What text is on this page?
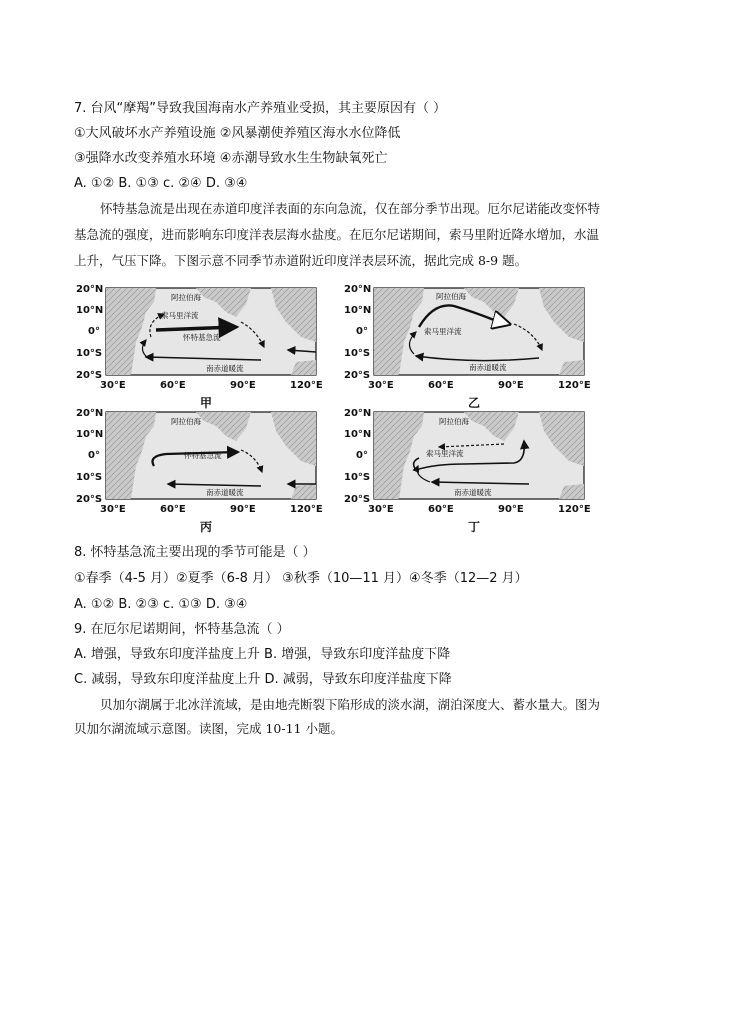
7. 台风“摩羯”导致我国海南水产养殖业受损，其主要原因有（ ）
①大风破坏水产养殖设施 ②风暴潮使养殖区海水水位降低
③强降水改变养殖水环境 ④赤潮导致水生生物缺氧死亡
A. ①② B. ①③ c. ②④ D. ③④
怀特基急流是出现在赤道印度洋表面的东向急流，仅在部分季节出现。厄尔尼诺能改变怀特
基急流的强度，进而影响东印度洋表层海水盐度。在厄尔尼诺期间，索马里附近降水增加，水温
上升，气压下降。下图示意不同季节赤道附近印度洋表层环流，据此完成 8-9 题。
20°N
10°N
0°
10°S
20°S
30°E	60°E	90°E	120°E
阿拉伯海
索马里洋流
怀特基急流
南赤道暖流
甲
20°N
10°N
0°
10°S
20°S
30°E	60°E	90°E	120°E
阿拉伯海
索马里洋流
南赤道暖流
乙
20°N
10°N
0°
10°S
20°S
30°E	60°E	90°E	120°E
阿拉伯海
怀特基急流
南赤道暖流
丙
20°N
10°N
0°
10°S
20°S
30°E	60°E	90°E	120°E
阿拉伯海
索马里洋流
南赤道暖流
丁
8. 怀特基急流主要出现的季节可能是（ ）
①春季（4-5 月）②夏季（6-8 月） ③秋季（10—11 月）④冬季（12—2 月）
A. ①② B. ②③ c. ①③ D. ③④
9. 在厄尔尼诺期间，怀特基急流（ ）
A. 增强，导致东印度洋盐度上升 B. 增强，导致东印度洋盐度下降
C. 减弱，导致东印度洋盐度上升 D. 减弱，导致东印度洋盐度下降
贝加尔湖属于北冰洋流域，是由地壳断裂下陷形成的淡水湖，湖泊深度大、蓄水量大。图为
贝加尔湖流域示意图。读图，完成 10-11 小题。
